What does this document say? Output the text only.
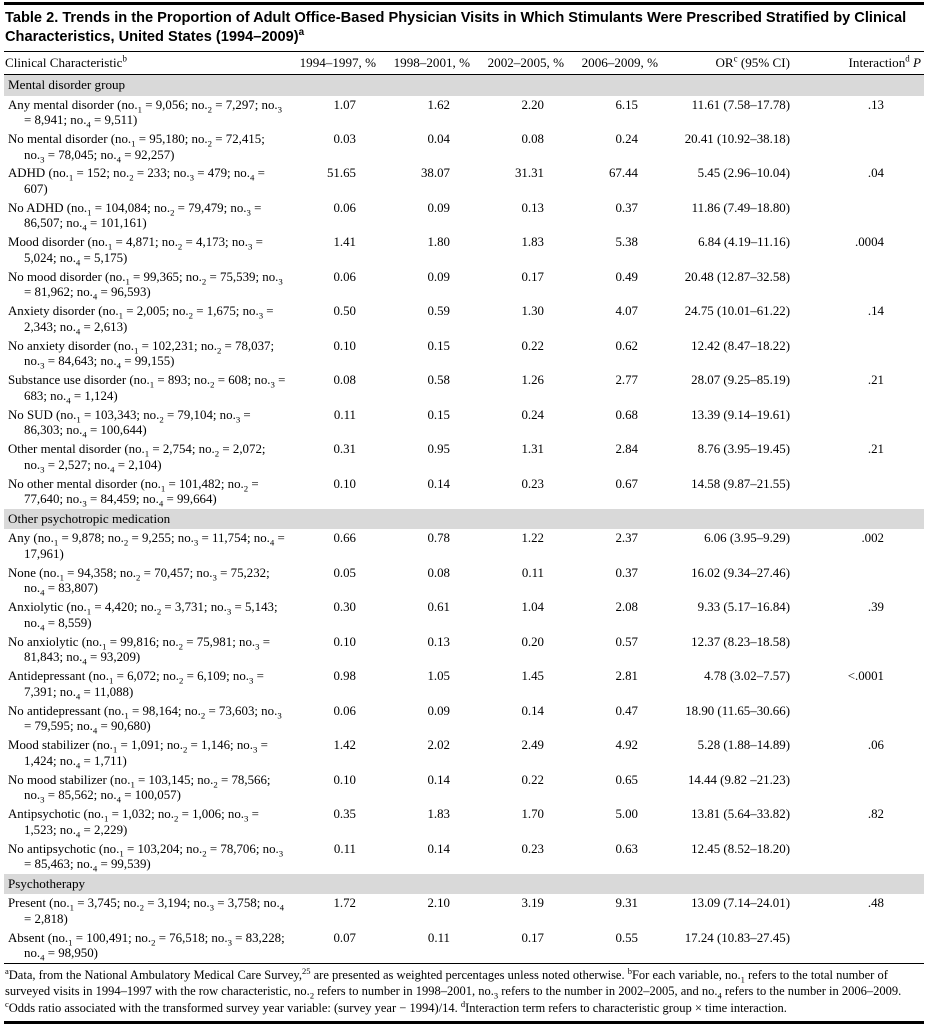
Table 2. Trends in the Proportion of Adult Office-Based Physician Visits in Which Stimulants Were Prescribed Stratified by Clinical Characteristics, United States (1994–2009)$^a$
Clinical Characteristic$^b$	1994–1997, %	1998–2001, %	2002–2005, %	2006–2009, %	$OR^c$ (95% CI)	Interaction$^d$ P
Mental disorder group						
Any mental disorder ($no._1 = 9,056$; $no._2 = 7,297$; $no._3 = 8,941$; $no._4 = 9,511$)	1.07	1.62	2.20	6.15	11.61 (7.58–17.78)	.13
No mental disorder ($no._1 = 95,180$; $no._2 = 72,415$; $no._3 = 78,045$; $no._4 = 92,257$)	0.03	0.04	0.08	0.24	20.41 (10.92–38.18)	
ADHD ($no._1 = 152$; $no._2 = 233$; $no._3 = 479$; $no._4 = 607$)	51.65	38.07	31.31	67.44	5.45 (2.96–10.04)	.04
No ADHD ($no._1 = 104,084$; $no._2 = 79,479$; $no._3 = 86,507$; $no._4 = 101,161$)	0.06	0.09	0.13	0.37	11.86 (7.49–18.80)	
Mood disorder ($no._1 = 4,871$; $no._2 = 4,173$; $no._3 = 5,024$; $no._4 = 5,175$)	1.41	1.80	1.83	5.38	6.84 (4.19–11.16)	.0004
No mood disorder ($no._1 = 99,365$; $no._2 = 75,539$; $no._3 = 81,962$; $no._4 = 96,593$)	0.06	0.09	0.17	0.49	20.48 (12.87–32.58)	
Anxiety disorder ($no._1 = 2,005$; $no._2 = 1,675$; $no._3 = 2,343$; $no._4 = 2,613$)	0.50	0.59	1.30	4.07	24.75 (10.01–61.22)	.14
No anxiety disorder ($no._1 = 102,231$; $no._2 = 78,037$; $no._3 = 84,643$; $no._4 = 99,155$)	0.10	0.15	0.22	0.62	12.42 (8.47–18.22)	
Substance use disorder ($no._1 = 893$; $no._2 = 608$; $no._3 = 683$; $no._4 = 1,124$)	0.08	0.58	1.26	2.77	28.07 (9.25–85.19)	.21
No SUD ($no._1 = 103,343$; $no._2 = 79,104$; $no._3 = 86,303$; $no._4 = 100,644$)	0.11	0.15	0.24	0.68	13.39 (9.14–19.61)	
Other mental disorder ($no._1 = 2,754$; $no._2 = 2,072$; $no._3 = 2,527$; $no._4 = 2,104$)	0.31	0.95	1.31	2.84	8.76 (3.95–19.45)	.21
No other mental disorder ($no._1 = 101,482$; $no._2 = 77,640$; $no._3 = 84,459$; $no._4 = 99,664$)	0.10	0.14	0.23	0.67	14.58 (9.87–21.55)	
Other psychotropic medication						
Any ($no._1 = 9,878$; $no._2 = 9,255$; $no._3 = 11,754$; $no._4 = 17,961$)	0.66	0.78	1.22	2.37	6.06 (3.95–9.29)	.002
None ($no._1 = 94,358$; $no._2 = 70,457$; $no._3 = 75,232$; $no._4 = 83,807$)	0.05	0.08	0.11	0.37	16.02 (9.34–27.46)	
Anxiolytic ($no._1 = 4,420$; $no._2 = 3,731$; $no._3 = 5,143$; $no._4 = 8,559$)	0.30	0.61	1.04	2.08	9.33 (5.17–16.84)	.39
No anxiolytic ($no._1 = 99,816$; $no._2 = 75,981$; $no._3 = 81,843$; $no._4 = 93,209$)	0.10	0.13	0.20	0.57	12.37 (8.23–18.58)	
Antidepressant ($no._1 = 6,072$; $no._2 = 6,109$; $no._3 = 7,391$; $no._4 = 11,088$)	0.98	1.05	1.45	2.81	4.78 (3.02–7.57)	<.0001
No antidepressant ($no._1 = 98,164$; $no._2 = 73,603$; $no._3 = 79,595$; $no._4 = 90,680$)	0.06	0.09	0.14	0.47	18.90 (11.65–30.66)	
Mood stabilizer ($no._1 = 1,091$; $no._2 = 1,146$; $no._3 = 1,424$; $no._4 = 1,711$)	1.42	2.02	2.49	4.92	5.28 (1.88–14.89)	.06
No mood stabilizer ($no._1 = 103,145$; $no._2 = 78,566$; $no._3 = 85,562$; $no._4 = 100,057$)	0.10	0.14	0.22	0.65	14.44 (9.82 –21.23)	
Antipsychotic ($no._1 = 1,032$; $no._2 = 1,006$; $no._3 = 1,523$; $no._4 = 2,229$)	0.35	1.83	1.70	5.00	13.81 (5.64–33.82)	.82
No antipsychotic ($no._1 = 103,204$; $no._2 = 78,706$; $no._3 = 85,463$; $no._4 = 99,539$)	0.11	0.14	0.23	0.63	12.45 (8.52–18.20)	
Psychotherapy						
Present ($no._1 = 3,745$; $no._2 = 3,194$; $no._3 = 3,758$; $no._4 = 2,818$)	1.72	2.10	3.19	9.31	13.09 (7.14–24.01)	.48
Absent ($no._1 = 100,491$; $no._2 = 76,518$; $no._3 = 83,228$; $no._4 = 98,950$)	0.07	0.11	0.17	0.55	17.24 (10.83–27.45)	
$^a$Data, from the National Ambulatory Medical Care Survey,$^{25}$ are presented as weighted percentages unless noted otherwise. $^b$For each variable, $no._1$ refers to the total number of surveyed visits in 1994–1997 with the row characteristic, $no._2$ refers to number in 1998–2001, $no._3$ refers to the number in 2002–2005, and $no._4$ refers to the number in 2006–2009. $^c$Odds ratio associated with the transformed survey year variable: (survey year − 1994)/14. $^d$Interaction term refers to characteristic group × time interaction.
